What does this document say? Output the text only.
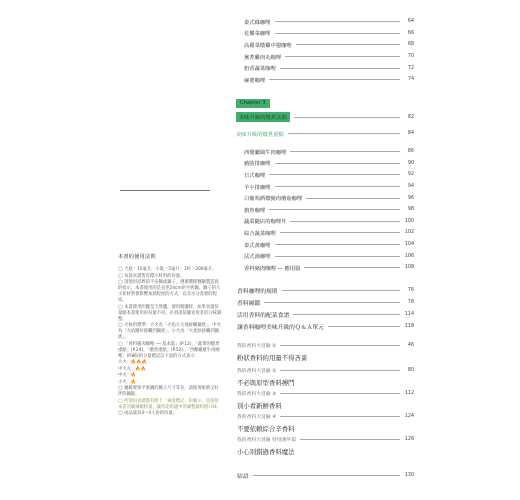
本書的使用法則

◯ 大匙＝15毫升，小匙＝5毫升，1杯＝200毫升。

◯ 每篇食譜皆有標示材料的份量。

◯ 請使用厚底的不沾鍋或鍋子，遵循選擇賽鍋製造商的指示，本書使用的是直徑24cm的平底鍋。鍋子的大小和材質會影響加熱程度的方式，以及水分蒸發的程度。

◯ 本書使用的鹽是天然鹽，使用粗鹽時，如果食譜份量跟本書使用的份量不同，必須請依據食用者的口味調整。

◯ 火候的標準：大火為「火焰大大地接觸鍋底」，中火為「火焰剛好接觸到鍋底」，小火為「火焰快接觸到鍋底」。

◯ 「香料豬肉咖哩 ── 基本篇」(P.12)、「蔬菜的燉煮重點」(P.24)、「燉煮重點」(P.52)、「西餐廳風牛肉咖哩」(P.86)的分量標記以下面的方式表示：

大火：🔥🔥🔥

中大火：🔥🔥

中火：🔥

小火：🔥

◯ 鍋鏟要與平底鍋的鍋子尺寸等長，請使用耐熱又好拌的鍋鏟。

◯ 所使用食譜都有附上「辣度標記」的圖示，是依照本書刊載辣椒粉量，讓你能夠適中的調整做料理口味。

◯ 成品量為3～4人份的份量。

泰式綠咖哩	64
花椰菜咖哩	66
高麗菜燉雞中翅咖哩	68
蕪菁雞肉丸咖哩	70
奶香蔬菜咖哩	72
麻婆咖哩	74
Chapter 3
美味升級的燉煮法則	82
美味升級的燉煮重點	84
西餐廳風牛肉咖哩	86
豬肋排咖哩	90
日式咖哩	92
羊小排咖哩	94
白葡萄酒燉豬肉蘑菇咖哩	96
旗魚咖哩	98
蔬菜隨店的咖哩丼	100
綜合蔬菜咖哩	102
泰式黃咖哩	104
法式湯咖哩	106
香料豬肉咖哩 — 應用篇	108
香料咖哩的規則	76
香料圖鑑	78
活用香料的配菜食譜	114
讓香料咖哩美味升級的Ｑ＆Ａ單元	118
我的香料大冒險 ①	46
粉狀香料的用量不得吝嗇
我的香料大冒險 ②	80
不必與原型香料搏鬥
我的香料大冒險 ③	112
別小看新鮮香料
我的香料大冒險 ④	124
不要依賴綜合辛香料
我的香料大冒險 特別番外篇	126
小心別錯過香料魔法
結語	130
